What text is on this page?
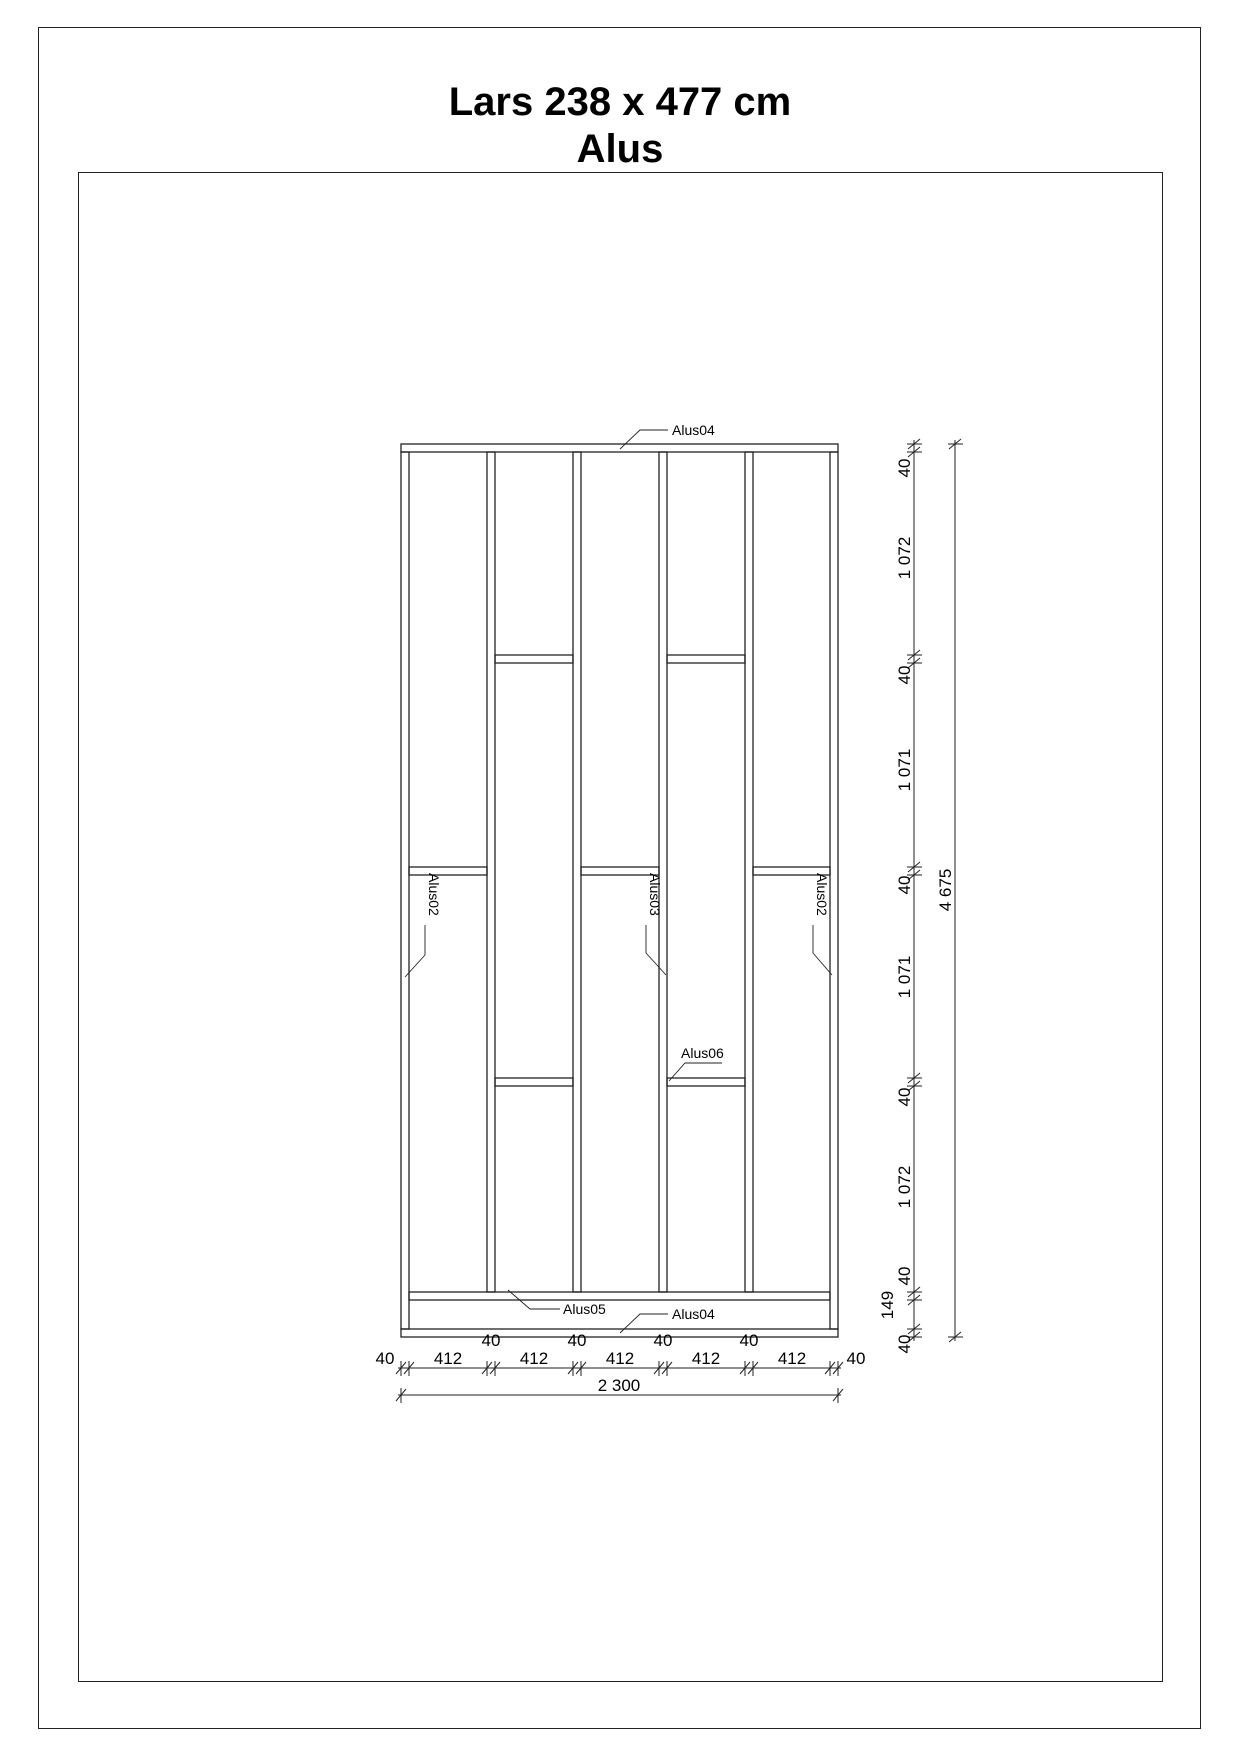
Lars 238 x 477 cm
Alus
Alus04
Alus04
Alus05
Alus06
Alus02	Alus03	Alus02
40 412
40
412
40
412
40
412
40
412 40
2 300
40
1 072
40
1 071
40
1 071
40
1 072
40
149
40
4 675
